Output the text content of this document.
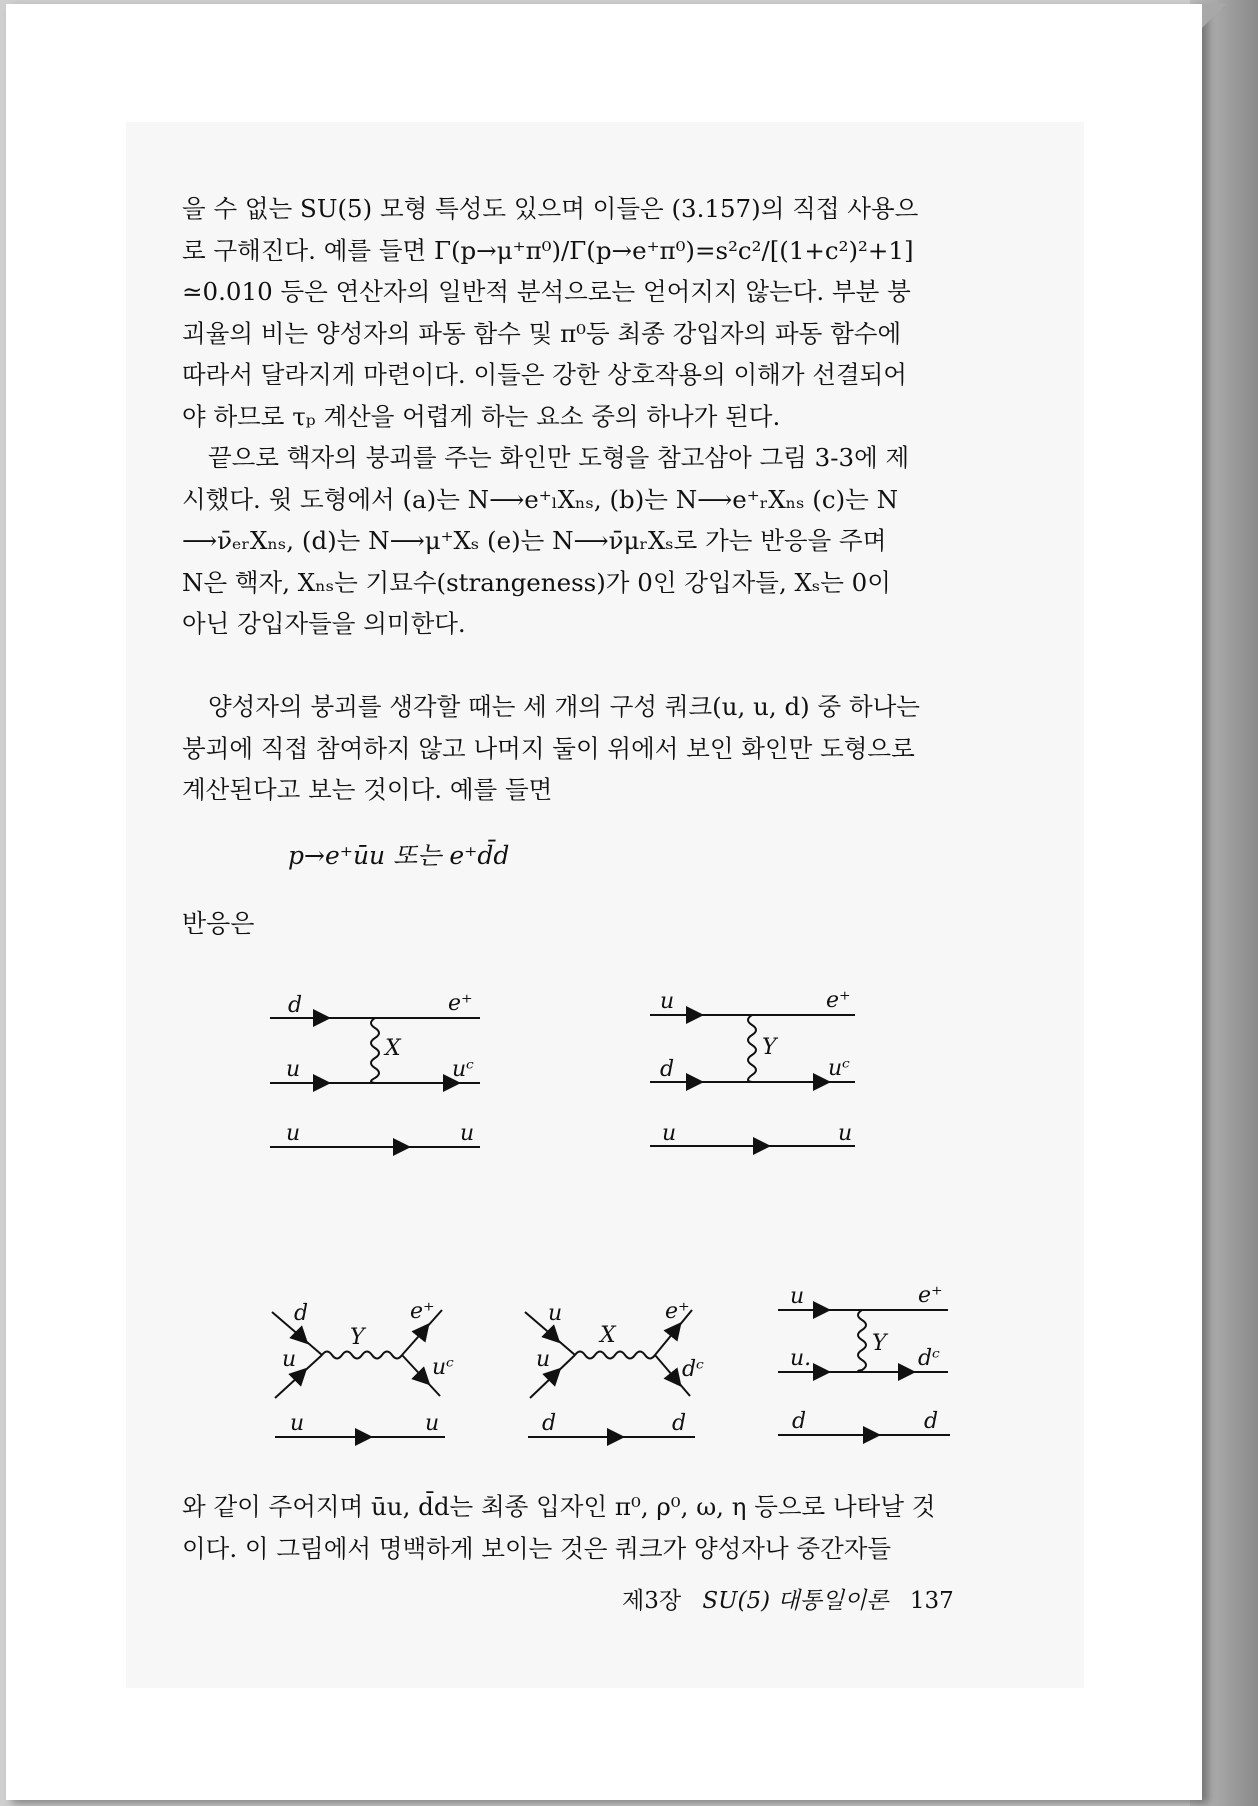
을 수 없는 SU(5) 모형 특성도 있으며 이들은 (3.157)의 직접 사용으

로 구해진다. 예를 들면 Γ(p→μ⁺π⁰)/Γ(p→e⁺π⁰)=s²c²/[(1+c²)²+1]

≃0.010 등은 연산자의 일반적 분석으로는 얻어지지 않는다. 부분 붕

괴율의 비는 양성자의 파동 함수 및 π⁰등 최종 강입자의 파동 함수에

따라서 달라지게 마련이다. 이들은 강한 상호작용의 이해가 선결되어

야 하므로 τₚ 계산을 어렵게 하는 요소 중의 하나가 된다.

끝으로 핵자의 붕괴를 주는 화인만 도형을 참고삼아 그림 3-3에 제

시했다. 윗 도형에서 (a)는 N⟶e⁺ₗXₙₛ, (b)는 N⟶e⁺ᵣXₙₛ (c)는 N

⟶ν̄ₑᵣXₙₛ, (d)는 N⟶μ⁺Xₛ (e)는 N⟶ν̄μᵣXₛ로 가는 반응을 주며

N은 핵자, Xₙₛ는 기묘수(strangeness)가 0인 강입자들, Xₛ는 0이

아닌 강입자들을 의미한다.

양성자의 붕괴를 생각할 때는 세 개의 구성 쿼크(u, u, d) 중 하나는

붕괴에 직접 참여하지 않고 나머지 둘이 위에서 보인 화인만 도형으로

계산된다고 보는 것이다. 예를 들면

p→e⁺ūu 또는 e⁺d̄d
반응은
d	e⁺
X
u	uᶜ
u	u
u	e⁺
Y
d	uᶜ
u	u
d
u
Y
e⁺
uᶜ
u	u
u
u
X
e⁺
dᶜ
d	d
u	e⁺
Y
u.	dᶜ
d	d

와 같이 주어지며 ūu, d̄d는 최종 입자인 π⁰, ρ⁰, ω, η 등으로 나타날 것

이다. 이 그림에서 명백하게 보이는 것은 쿼크가 양성자나 중간자들

제3장 SU(5) 대통일이론 137
